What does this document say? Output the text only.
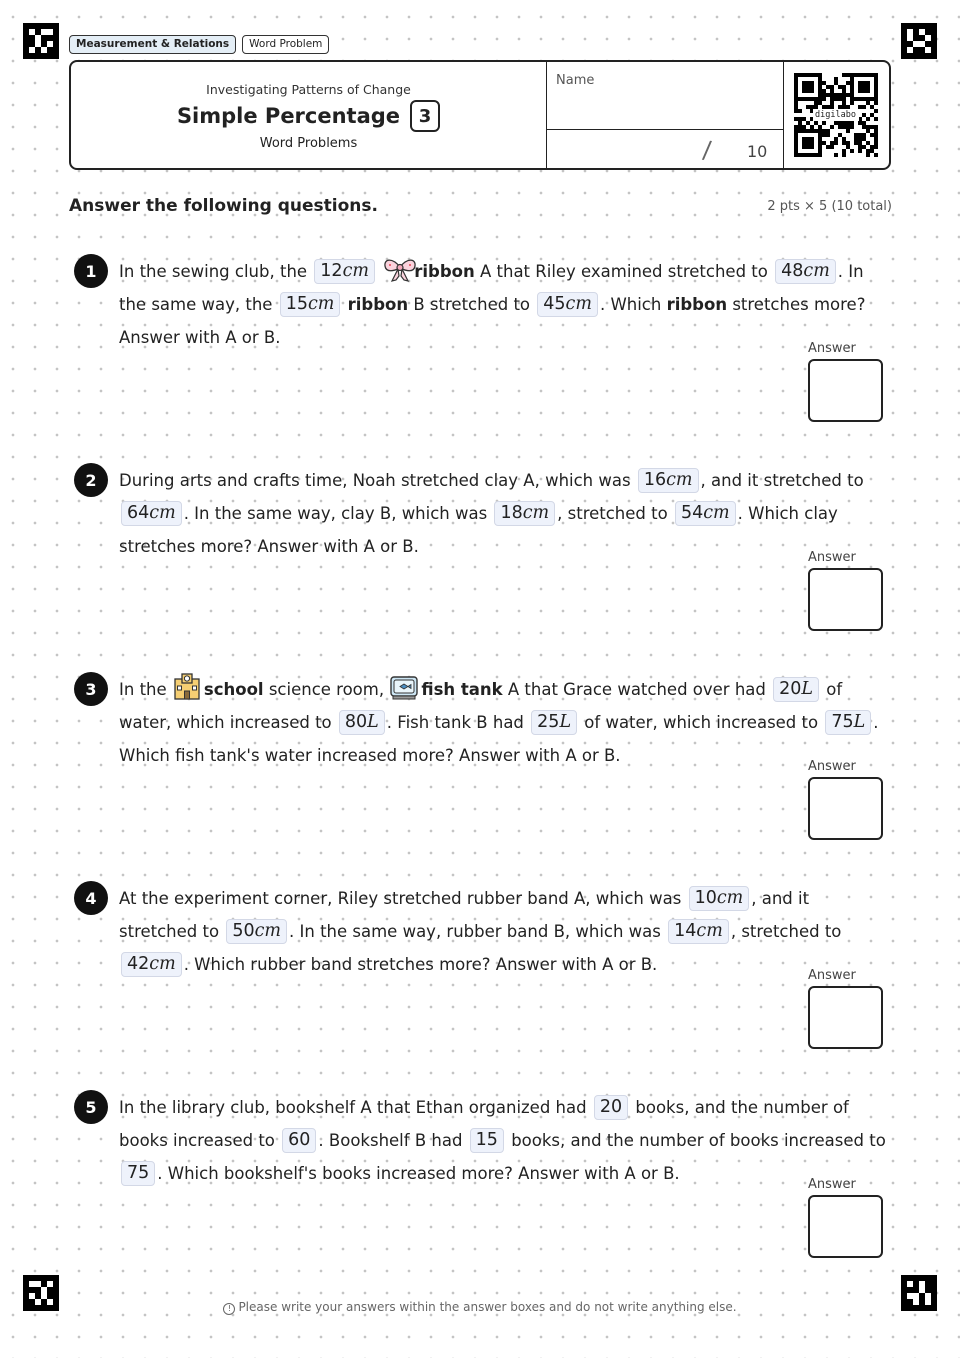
Measurement & Relations	Word Problem
Investigating Patterns of Change
Simple Percentage	3
Word Problems
Name
/ 10
digilabo
Answer the following questions.	2 pts × 5 (10 total)
1	In the sewing club, the 12cm	ribbon A that Riley examined stretched to 48cm . In the same way, the 15cm ribbon B stretched to 45cm . Which ribbon stretches more? Answer with A or B.
Answer
2	During arts and crafts time, Noah stretched clay A, which was 16cm , and it stretched to 64cm . In the same way, clay B, which was 18cm , stretched to 54cm . Which clay stretches more? Answer with A or B.
Answer
3	In the school science room, fish tank A that Grace watched over had 20L of water, which increased to 80L . Fish tank B had 25L of water, which increased to 75L . Which fish tank's water increased more? Answer with A or B.
Answer
4	At the experiment corner, Riley stretched rubber band A, which was 10cm , and it stretched to 50cm . In the same way, rubber band B, which was 14cm , stretched to 42cm . Which rubber band stretches more? Answer with A or B.
Answer
5	In the library club, bookshelf A that Ethan organized had 20 books, and the number of books increased to 60 . Bookshelf B had 15 books, and the number of books increased to 75 . Which bookshelf's books increased more? Answer with A or B.
Answer
! Please write your answers within the answer boxes and do not write anything else.
